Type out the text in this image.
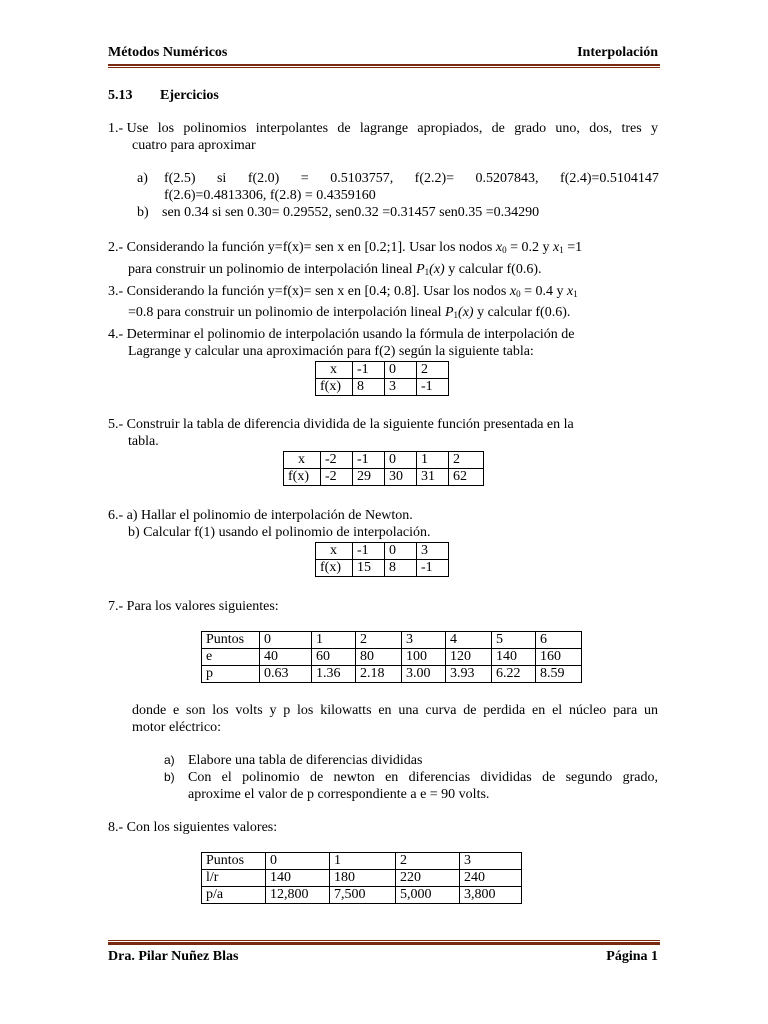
Métodos Numéricos	Interpolación
5.13 Ejercicios
1.- Use los polinomios interpolantes de lagrange apropiados, de grado uno, dos, tres y
cuatro para aproximar
a) f(2.5) si f(2.0) = 0.5103757, f(2.2)= 0.5207843, f(2.4)=0.5104147
f(2.6)=0.4813306, f(2.8) = 0.4359160
b) sen 0.34 si sen 0.30= 0.29552, sen0.32 =0.31457 sen0.35 =0.34290
2.- Considerando la función y=f(x)= sen x en [0.2;1]. Usar los nodos $x_0 = 0.2$ y $x_1 =1$
para construir un polinomio de interpolación lineal $P_1(x)$ y calcular f(0.6).
3.- Considerando la función y=f(x)= sen x en [0.4; 0.8]. Usar los nodos $x_0 = 0.4$ y $x_1$
=0.8 para construir un polinomio de interpolación lineal $P_1(x)$ y calcular f(0.6).
4.- Determinar el polinomio de interpolación usando la fórmula de interpolación de
Lagrange y calcular una aproximación para f(2) según la siguiente tabla:
x	-1	0	2
f(x)	8	3	-1
5.- Construir la tabla de diferencia dividida de la siguiente función presentada en la
tabla.
x	-2	-1	0	1	2
f(x)	-2	29	30	31	62
6.- a) Hallar el polinomio de interpolación de Newton.
b) Calcular f(1) usando el polinomio de interpolación.
x	-1	0	3
f(x)	15	8	-1
7.- Para los valores siguientes:
Puntos	0	1	2	3	4	5	6
e	40	60	80	100	120	140	160
p	0.63	1.36	2.18	3.00	3.93	6.22	8.59
donde e son los volts y p los kilowatts en una curva de perdida en el núcleo para un
motor eléctrico:
a) Elabore una tabla de diferencias divididas
b) Con el polinomio de newton en diferencias divididas de segundo grado,
aproxime el valor de p correspondiente a e = 90 volts.
8.- Con los siguientes valores:
Puntos	0	1	2	3
l/r	140	180	220	240
p/a	12,800	7,500	5,000	3,800
Dra. Pilar Nuñez Blas	Página 1
